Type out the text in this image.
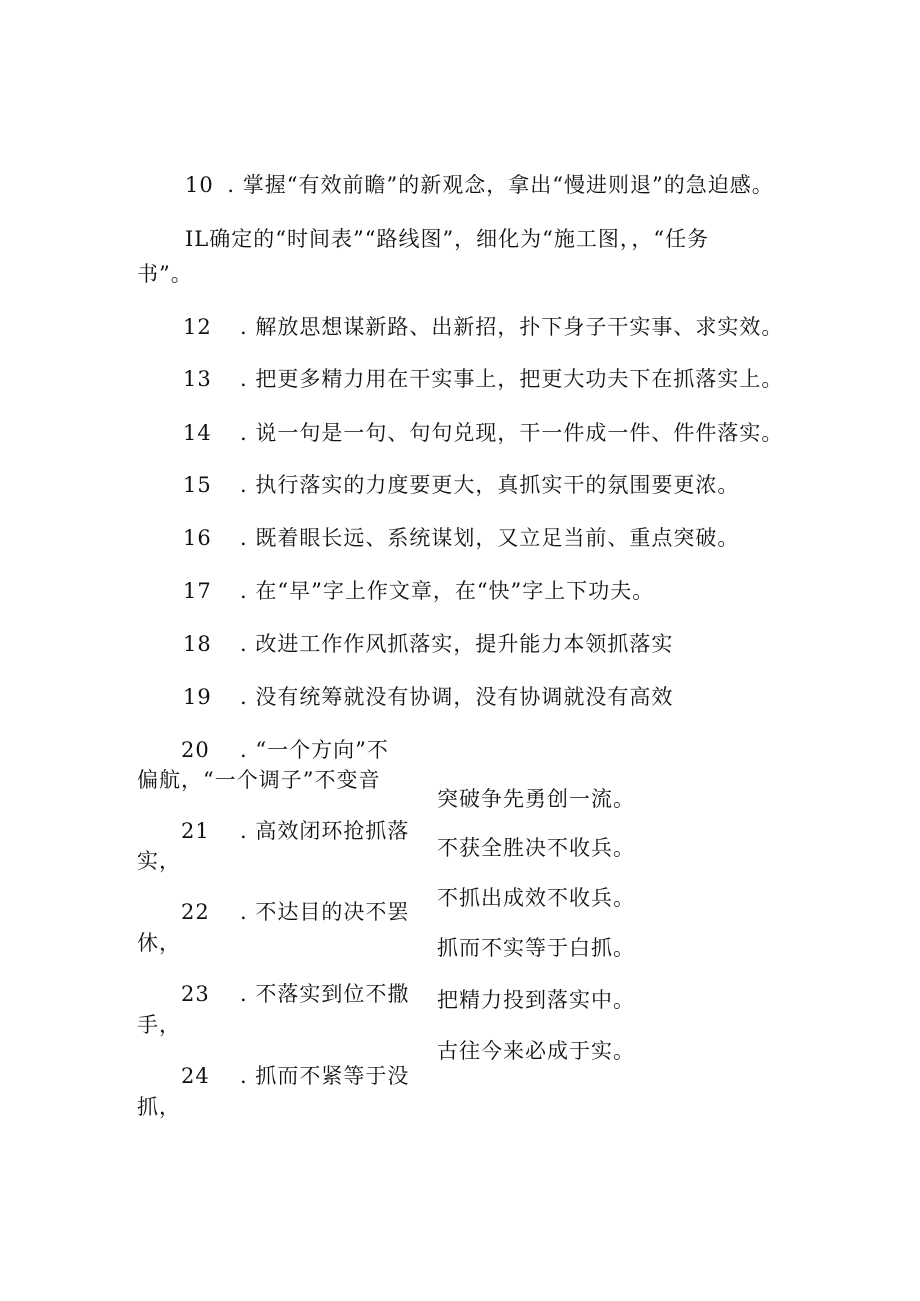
10 . 掌握“有效前瞻”的新观念，拿出“慢进则退”的急迫感。
IL确定的“时间表”“路线图”，细化为“施工图，，“任务
书”。
12 . 解放思想谋新路、出新招，扑下身子干实事、求实效。
13 . 把更多精力用在干实事上，把更大功夫下在抓落实上。
14 . 说一句是一句、句句兑现，干一件成一件、件件落实。
15 . 执行落实的力度要更大，真抓实干的氛围要更浓。
16 . 既着眼长远、系统谋划，又立足当前、重点突破。
17 . 在“早”字上作文章，在“快”字上下功夫。
18 . 改进工作作风抓落实，提升能力本领抓落实
19 . 没有统筹就没有协调，没有协调就没有高效
20 . “一个方向”不
偏航，“一个调子”不变音
21 . 高效闭环抢抓落
实，
22 . 不达目的决不罢
休，
23 . 不落实到位不撒
手，
24 . 抓而不紧等于没
抓，
突破争先勇创一流。
不获全胜决不收兵。
不抓出成效不收兵。
抓而不实等于白抓。
把精力投到落实中。
古往今来必成于实。
